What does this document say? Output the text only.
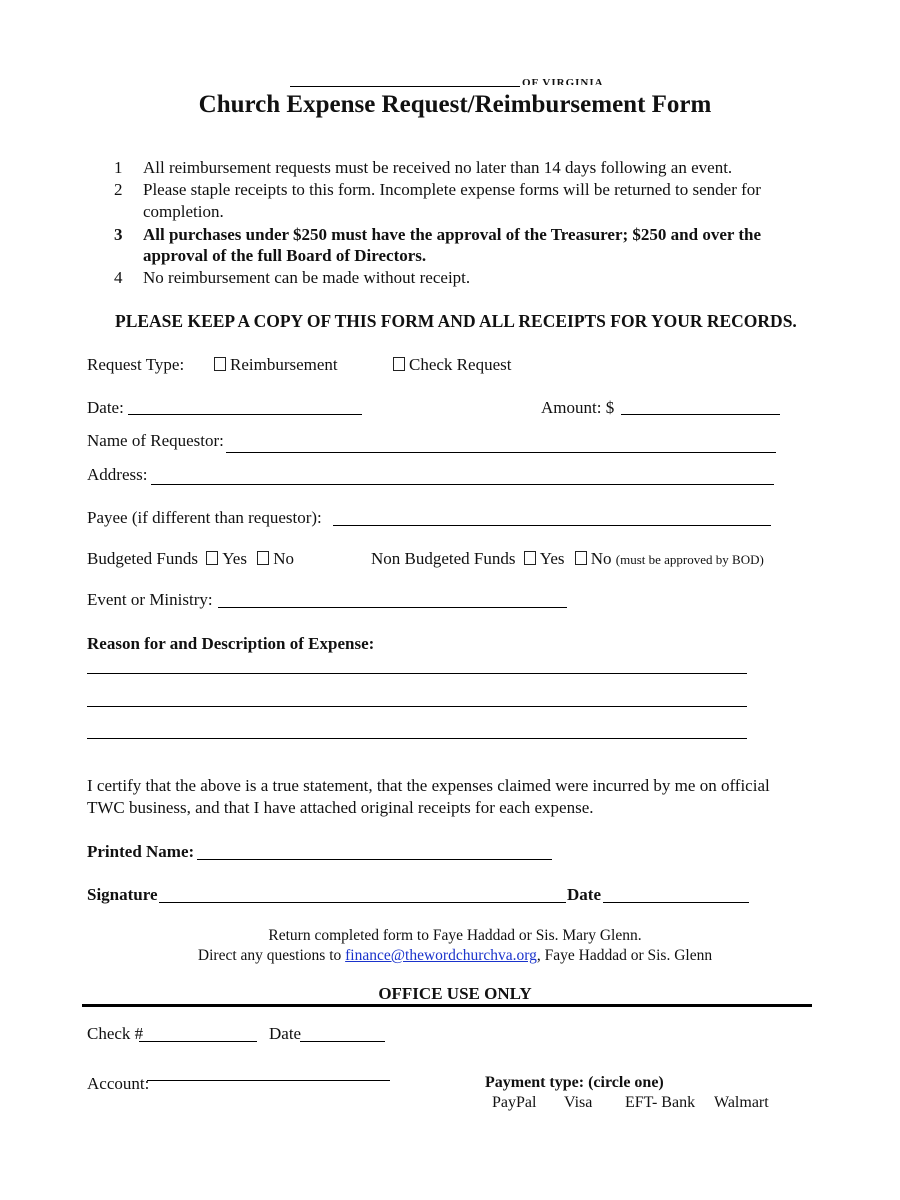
OF VIRGINIA
Church Expense Request/Reimbursement Form
1 All reimbursement requests must be received no later than 14 days following an event.
2 Please staple receipts to this form. Incomplete expense forms will be returned to sender for
completion.
3 All purchases under $250 must have the approval of the Treasurer; $250 and over the
approval of the full Board of Directors.
4 No reimbursement can be made without receipt.
PLEASE KEEP A COPY OF THIS FORM AND ALL RECEIPTS FOR YOUR RECORDS.
Request Type:	Reimbursement	Check Request
Date:	Amount: $
Name of Requestor:
Address:
Payee (if different than requestor):
Budgeted Funds Yes No	Non Budgeted Funds Yes No (must be approved by BOD)
Event or Ministry:
Reason for and Description of Expense:
I certify that the above is a true statement, that the expenses claimed were incurred by me on official
TWC business, and that I have attached original receipts for each expense.
Printed Name:
Signature	Date
Return completed form to Faye Haddad or Sis. Mary Glenn.
Direct any questions to finance@thewordchurchva.org, Faye Haddad or Sis. Glenn
OFFICE USE ONLY
Check #	Date
Account:	Payment type: (circle one)
PayPal Visa EFT- Bank Walmart
